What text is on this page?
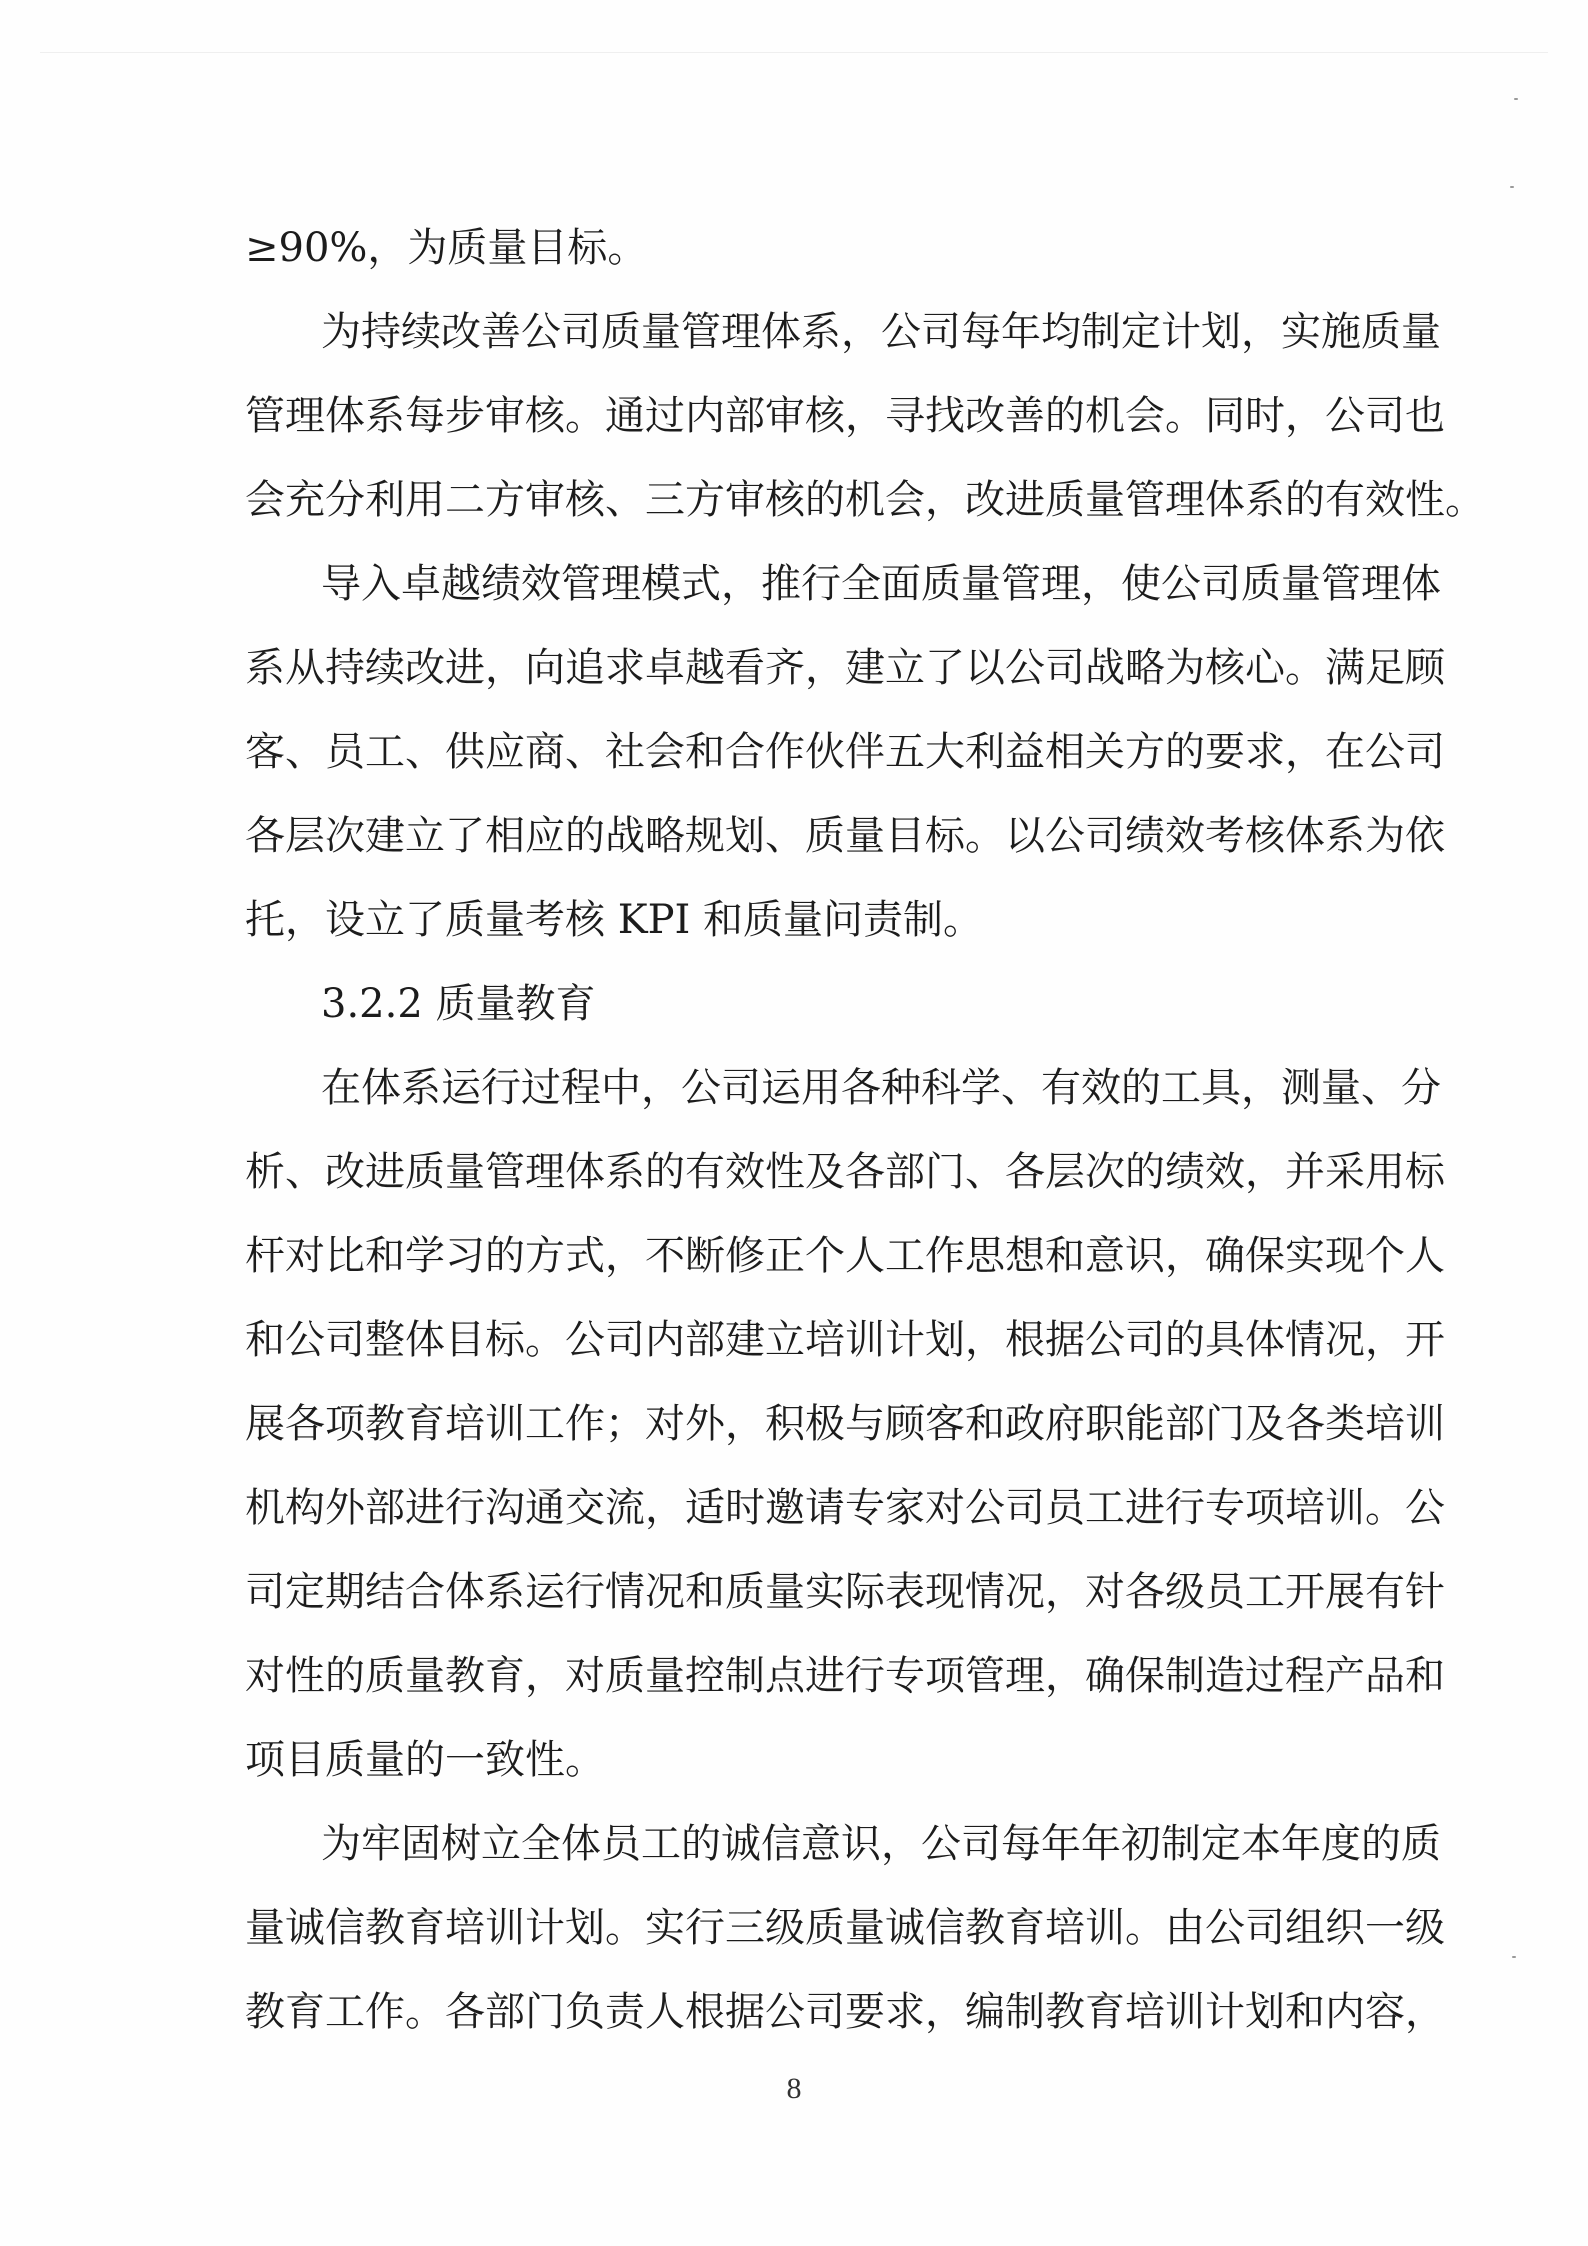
≥90%，为质量目标。
为持续改善公司质量管理体系，公司每年均制定计划，实施质量
管理体系每步审核。通过内部审核，寻找改善的机会。同时，公司也
会充分利用二方审核、三方审核的机会，改进质量管理体系的有效性。
导入卓越绩效管理模式，推行全面质量管理，使公司质量管理体
系从持续改进，向追求卓越看齐，建立了以公司战略为核心。满足顾
客、员工、供应商、社会和合作伙伴五大利益相关方的要求，在公司
各层次建立了相应的战略规划、质量目标。以公司绩效考核体系为依
托，设立了质量考核 KPI 和质量问责制。
3.2.2 质量教育
在体系运行过程中，公司运用各种科学、有效的工具，测量、分
析、改进质量管理体系的有效性及各部门、各层次的绩效，并采用标
杆对比和学习的方式，不断修正个人工作思想和意识，确保实现个人
和公司整体目标。公司内部建立培训计划，根据公司的具体情况，开
展各项教育培训工作；对外，积极与顾客和政府职能部门及各类培训
机构外部进行沟通交流，适时邀请专家对公司员工进行专项培训。公
司定期结合体系运行情况和质量实际表现情况，对各级员工开展有针
对性的质量教育，对质量控制点进行专项管理，确保制造过程产品和
项目质量的一致性。
为牢固树立全体员工的诚信意识，公司每年年初制定本年度的质
量诚信教育培训计划。实行三级质量诚信教育培训。由公司组织一级
教育工作。各部门负责人根据公司要求，编制教育培训计划和内容，

8
